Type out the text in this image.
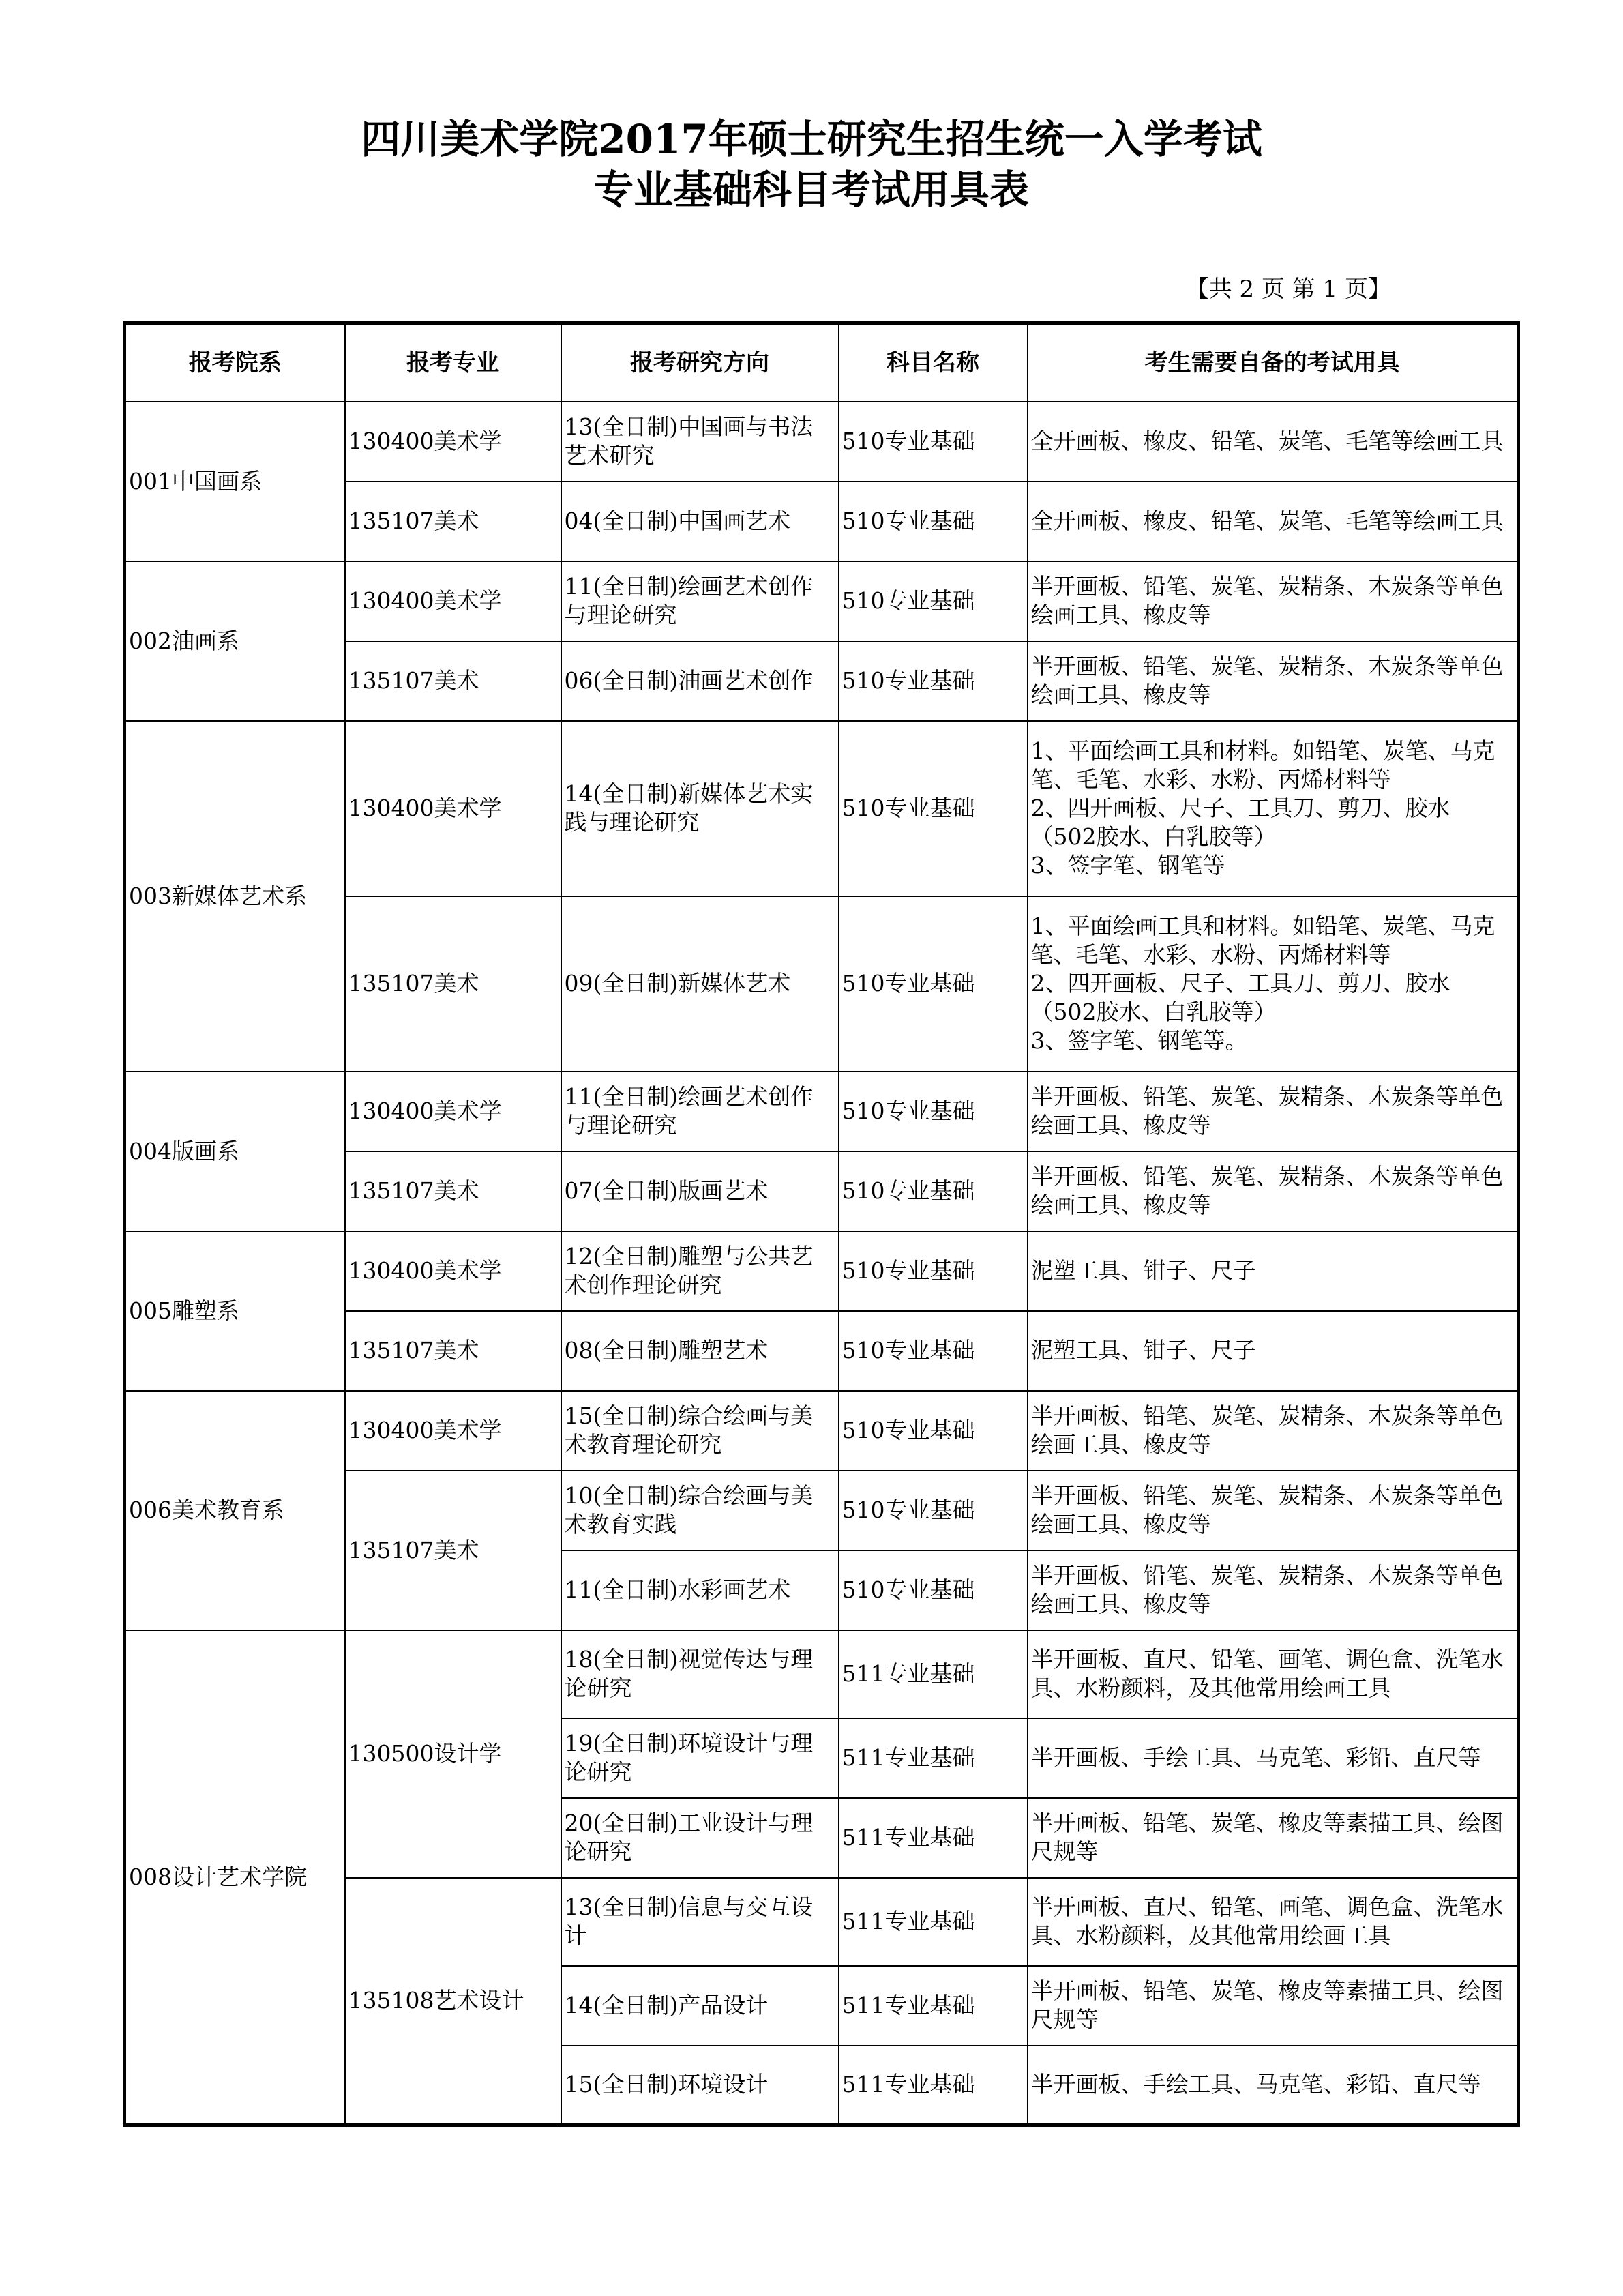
四川美术学院2017年硕士研究生招生统一入学考试
专业基础科目考试用具表
【共 2 页 第 1 页】
报考院系	报考专业	报考研究方向	科目名称	考生需要自备的考试用具
001中国画系	130400美术学	13(全日制)中国画与书法艺术研究	510专业基础	全开画板、橡皮、铅笔、炭笔、毛笔等绘画工具
	135107美术	04(全日制)中国画艺术	510专业基础	全开画板、橡皮、铅笔、炭笔、毛笔等绘画工具
002油画系	130400美术学	11(全日制)绘画艺术创作与理论研究	510专业基础	半开画板、铅笔、炭笔、炭精条、木炭条等单色绘画工具、橡皮等
	135107美术	06(全日制)油画艺术创作	510专业基础	半开画板、铅笔、炭笔、炭精条、木炭条等单色绘画工具、橡皮等
003新媒体艺术系	130400美术学	14(全日制)新媒体艺术实践与理论研究	510专业基础	1、平面绘画工具和材料。如铅笔、炭笔、马克笔、毛笔、水彩、水粉、丙烯材料等
2、四开画板、尺子、工具刀、剪刀、胶水（502胶水、白乳胶等）
3、签字笔、钢笔等
	135107美术	09(全日制)新媒体艺术	510专业基础	1、平面绘画工具和材料。如铅笔、炭笔、马克笔、毛笔、水彩、水粉、丙烯材料等
2、四开画板、尺子、工具刀、剪刀、胶水（502胶水、白乳胶等）
3、签字笔、钢笔等。
004版画系	130400美术学	11(全日制)绘画艺术创作与理论研究	510专业基础	半开画板、铅笔、炭笔、炭精条、木炭条等单色绘画工具、橡皮等
	135107美术	07(全日制)版画艺术	510专业基础	半开画板、铅笔、炭笔、炭精条、木炭条等单色绘画工具、橡皮等
005雕塑系	130400美术学	12(全日制)雕塑与公共艺术创作理论研究	510专业基础	泥塑工具、钳子、尺子
	135107美术	08(全日制)雕塑艺术	510专业基础	泥塑工具、钳子、尺子
006美术教育系	130400美术学	15(全日制)综合绘画与美术教育理论研究	510专业基础	半开画板、铅笔、炭笔、炭精条、木炭条等单色绘画工具、橡皮等
	135107美术	10(全日制)综合绘画与美术教育实践	510专业基础	半开画板、铅笔、炭笔、炭精条、木炭条等单色绘画工具、橡皮等
		11(全日制)水彩画艺术	510专业基础	半开画板、铅笔、炭笔、炭精条、木炭条等单色绘画工具、橡皮等
008设计艺术学院	130500设计学	18(全日制)视觉传达与理论研究	511专业基础	半开画板、直尺、铅笔、画笔、调色盒、洗笔水具、水粉颜料，及其他常用绘画工具
		19(全日制)环境设计与理论研究	511专业基础	半开画板、手绘工具、马克笔、彩铅、直尺等
		20(全日制)工业设计与理论研究	511专业基础	半开画板、铅笔、炭笔、橡皮等素描工具、绘图尺规等
	135108艺术设计	13(全日制)信息与交互设计	511专业基础	半开画板、直尺、铅笔、画笔、调色盒、洗笔水具、水粉颜料，及其他常用绘画工具
		14(全日制)产品设计	511专业基础	半开画板、铅笔、炭笔、橡皮等素描工具、绘图尺规等
		15(全日制)环境设计	511专业基础	半开画板、手绘工具、马克笔、彩铅、直尺等
